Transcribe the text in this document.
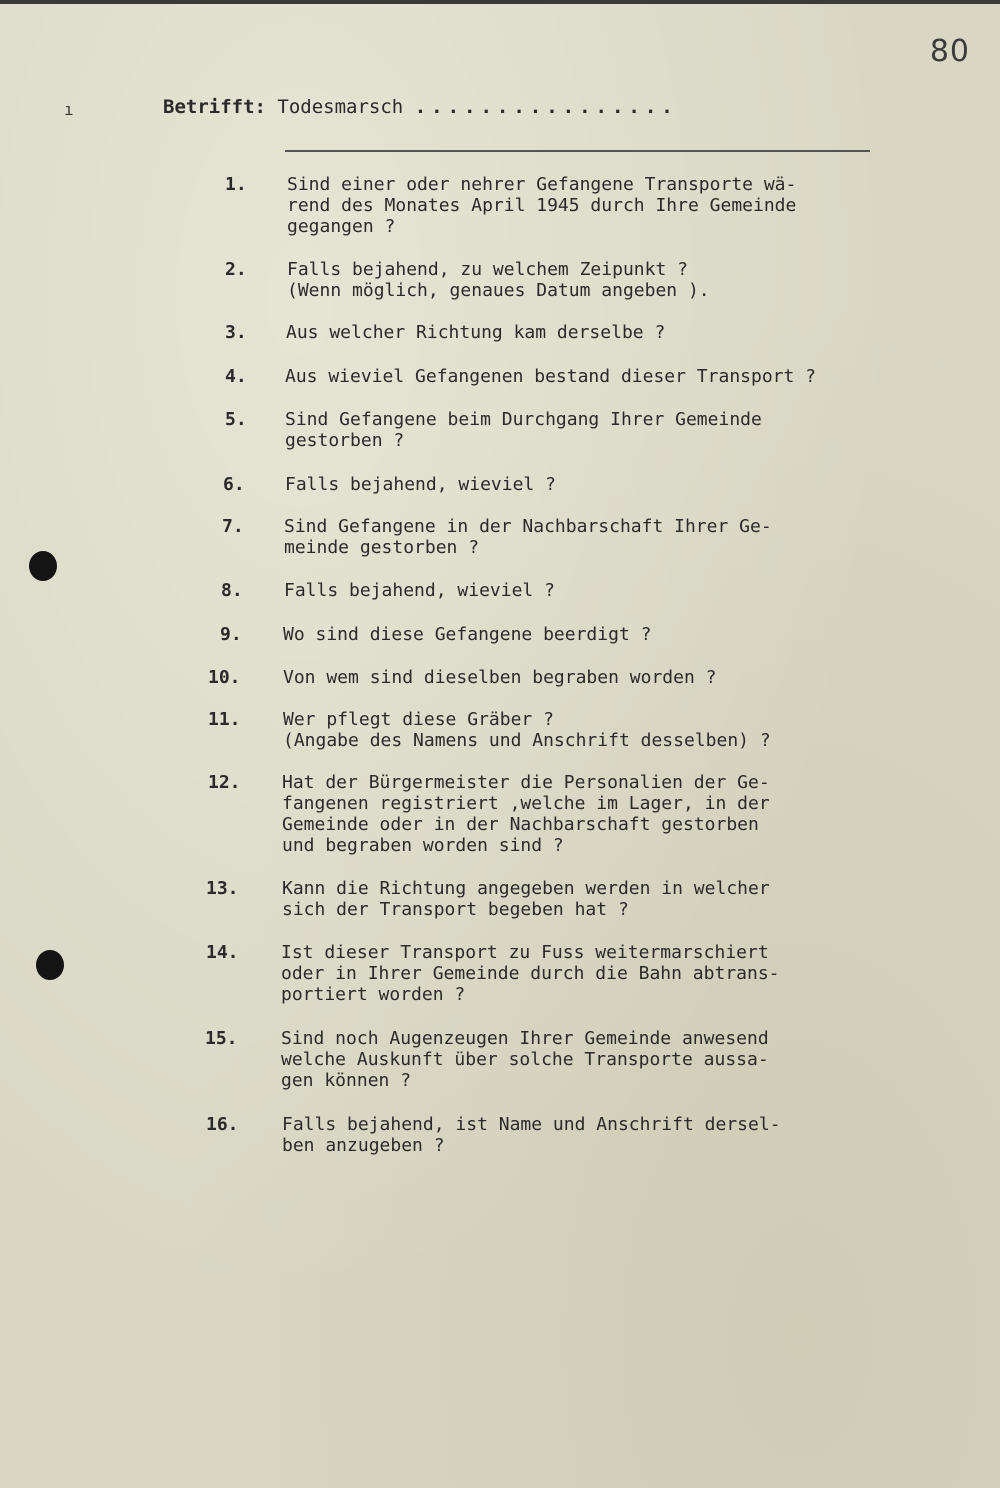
80
ı	Betrifft: Todesmarsch ................
1.	Sind einer oder nehrer Gefangene Transporte wä-
rend des Monates April 1945 durch Ihre Gemeinde
gegangen ?
2.	Falls bejahend, zu welchem Zeipunkt ?
(Wenn möglich, genaues Datum angeben ).
3.	Aus welcher Richtung kam derselbe ?
4.	Aus wieviel Gefangenen bestand dieser Transport ?
5.	Sind Gefangene beim Durchgang Ihrer Gemeinde
gestorben ?
6.	Falls bejahend, wieviel ?
7.	Sind Gefangene in der Nachbarschaft Ihrer Ge-
meinde gestorben ?
8.	Falls bejahend, wieviel ?
9.	Wo sind diese Gefangene beerdigt ?
10.	Von wem sind dieselben begraben worden ?
11.	Wer pflegt diese Gräber ?
(Angabe des Namens und Anschrift desselben) ?
12.	Hat der Bürgermeister die Personalien der Ge-
fangenen registriert ,welche im Lager, in der
Gemeinde oder in der Nachbarschaft gestorben
und begraben worden sind ?
13.	Kann die Richtung angegeben werden in welcher
sich der Transport begeben hat ?
14.	Ist dieser Transport zu Fuss weitermarschiert
oder in Ihrer Gemeinde durch die Bahn abtrans-
portiert worden ?
15.	Sind noch Augenzeugen Ihrer Gemeinde anwesend
welche Auskunft über solche Transporte aussa-
gen können ?
16.	Falls bejahend, ist Name und Anschrift dersel-
ben anzugeben ?
